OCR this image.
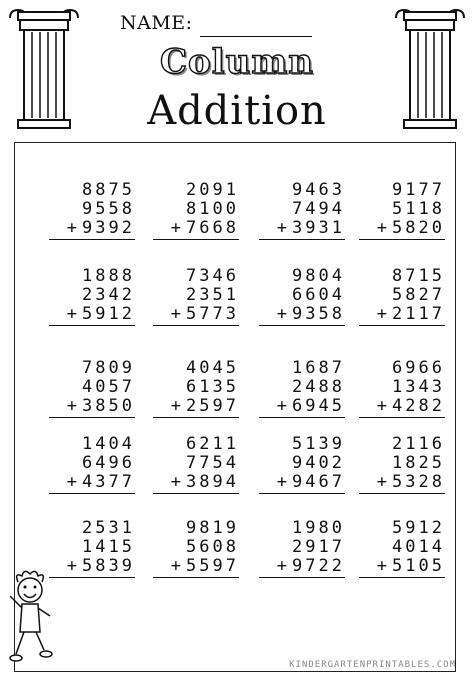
NAME:
Column
Addition
8875
9558
+ 9392
2091
8100
+ 7668
9463
7494
+ 3931
9177
5118
+ 5820
1888
2342
+ 5912
7346
2351
+ 5773
9804
6604
+ 9358
8715
5827
+ 2117
7809
4057
+ 3850
4045
6135
+ 2597
1687
2488
+ 6945
6966
1343
+ 4282
1404
6496
+ 4377
6211
7754
+ 3894
5139
9402
+ 9467
2116
1825
+ 5328
2531
1415
+ 5839
9819
5608
+ 5597
1980
2917
+ 9722
5912
4014
+ 5105
KINDERGARTENPRINTABLES.COM
